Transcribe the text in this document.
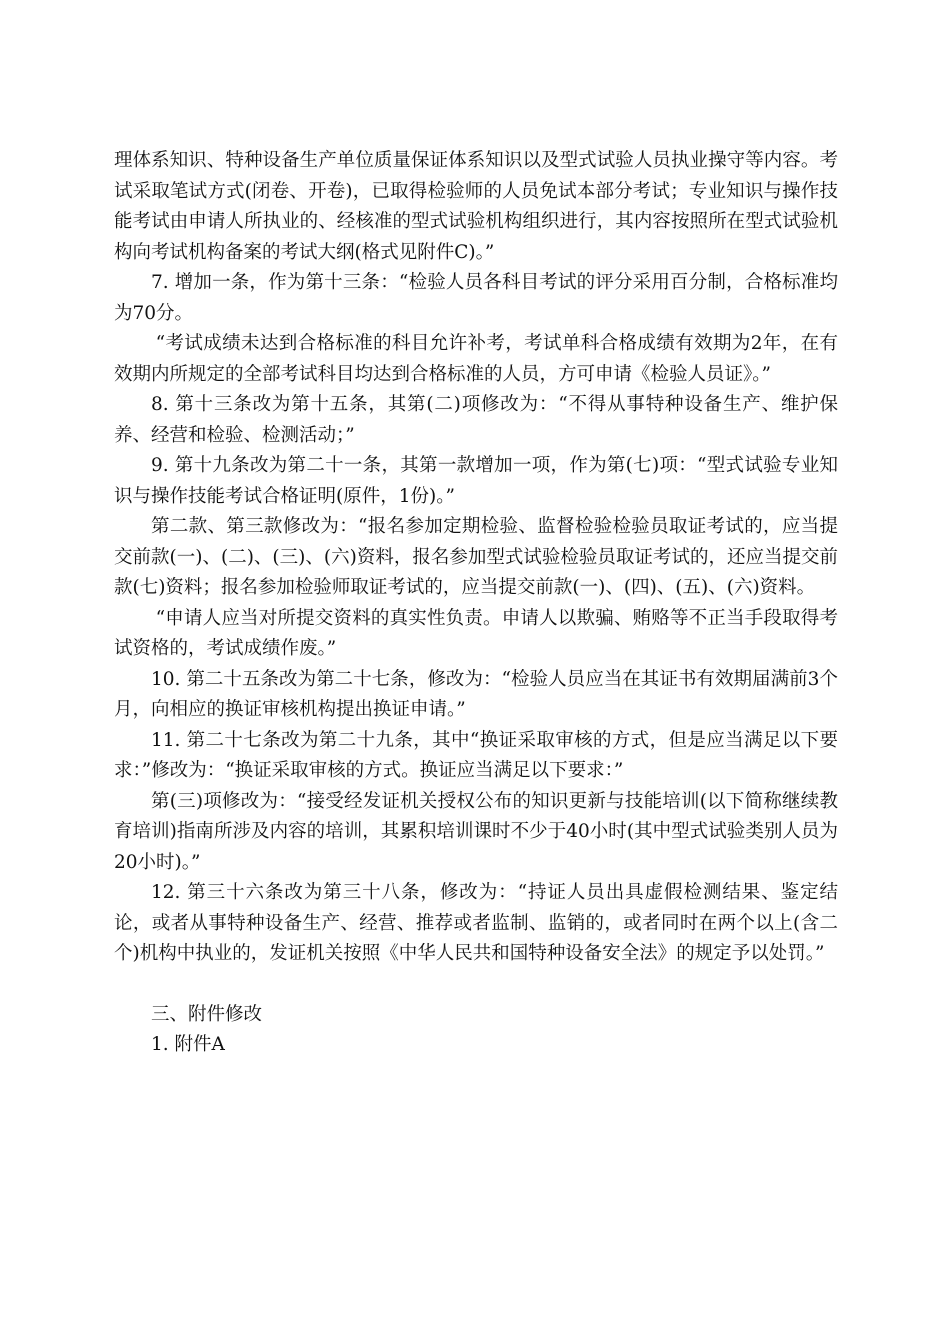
理体系知识、特种设备生产单位质量保证体系知识以及型式试验人员执业操守等内容。考试采取笔试方式(闭卷、开卷)，已取得检验师的人员免试本部分考试；专业知识与操作技能考试由申请人所执业的、经核准的型式试验机构组织进行，其内容按照所在型式试验机构向考试机构备案的考试大纲(格式见附件C)。”

7. 增加一条，作为第十三条：“检验人员各科目考试的评分采用百分制，合格标准均为70分。

“考试成绩未达到合格标准的科目允许补考，考试单科合格成绩有效期为2年，在有效期内所规定的全部考试科目均达到合格标准的人员，方可申请《检验人员证》。”

8. 第十三条改为第十五条，其第(二)项修改为：“不得从事特种设备生产、维护保养、经营和检验、检测活动；”

9. 第十九条改为第二十一条，其第一款增加一项，作为第(七)项：“型式试验专业知识与操作技能考试合格证明(原件，1份)。”

第二款、第三款修改为：“报名参加定期检验、监督检验检验员取证考试的，应当提交前款(一)、(二)、(三)、(六)资料，报名参加型式试验检验员取证考试的，还应当提交前款(七)资料；报名参加检验师取证考试的，应当提交前款(一)、(四)、(五)、(六)资料。

“申请人应当对所提交资料的真实性负责。申请人以欺骗、贿赂等不正当手段取得考试资格的，考试成绩作废。”

10. 第二十五条改为第二十七条，修改为：“检验人员应当在其证书有效期届满前3个月，向相应的换证审核机构提出换证申请。”

11. 第二十七条改为第二十九条，其中“换证采取审核的方式，但是应当满足以下要求：”修改为：“换证采取审核的方式。换证应当满足以下要求：”

第(三)项修改为：“接受经发证机关授权公布的知识更新与技能培训(以下简称继续教育培训)指南所涉及内容的培训，其累积培训课时不少于40小时(其中型式试验类别人员为20小时)。”

12. 第三十六条改为第三十八条，修改为：“持证人员出具虚假检测结果、鉴定结论，或者从事特种设备生产、经营、推荐或者监制、监销的，或者同时在两个以上(含二个)机构中执业的，发证机关按照《中华人民共和国特种设备安全法》的规定予以处罚。”

三、附件修改

1. 附件A
